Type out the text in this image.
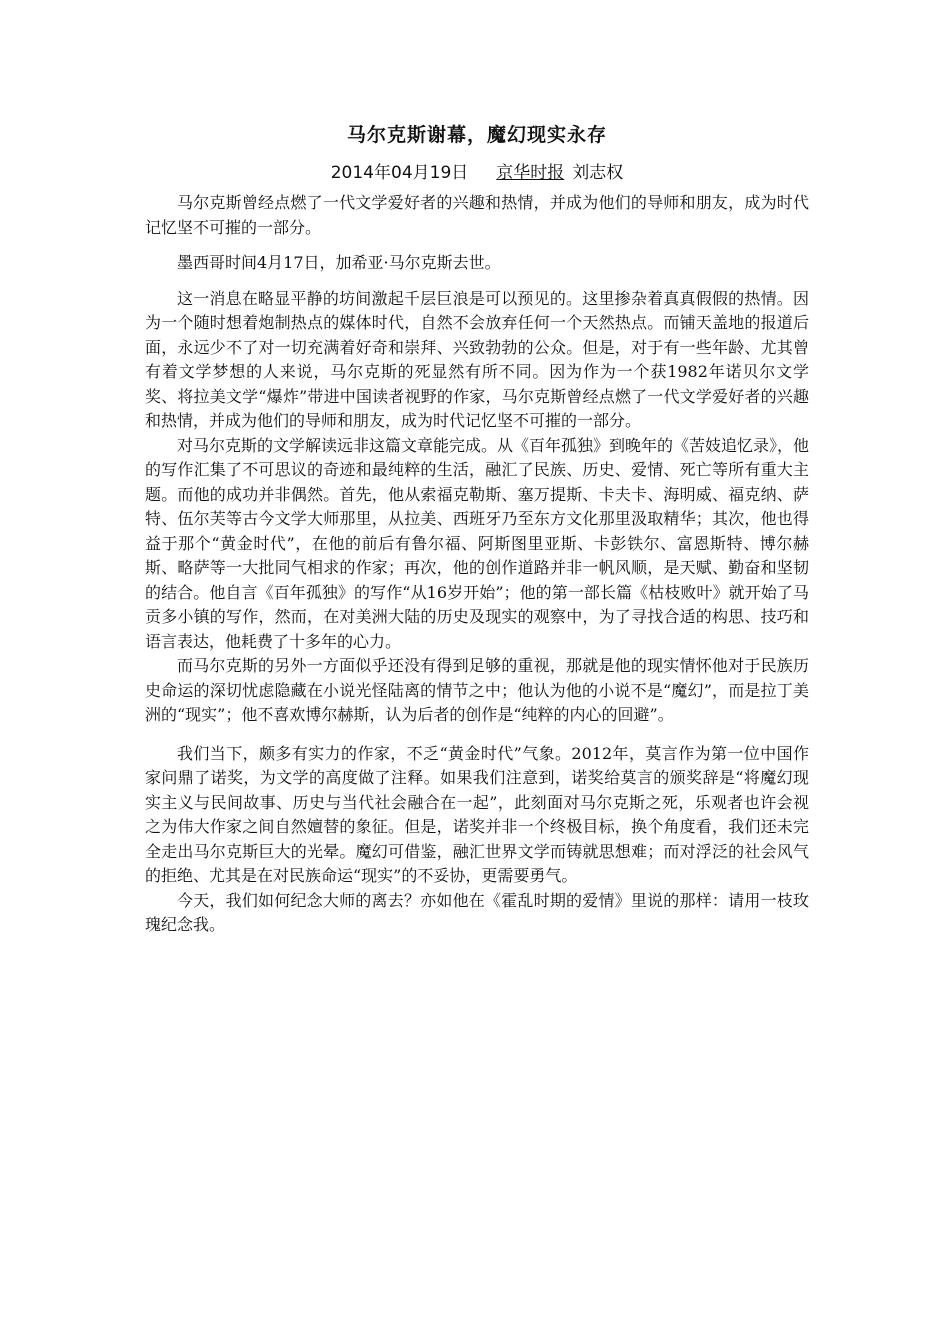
马尔克斯谢幕，魔幻现实永存
2014年04月19日 京华时报 刘志权

马尔克斯曾经点燃了一代文学爱好者的兴趣和热情，并成为他们的导师和朋友，成为时代记忆坚不可摧的一部分。

墨西哥时间4月17日，加希亚·马尔克斯去世。

这一消息在略显平静的坊间激起千层巨浪是可以预见的。这里掺杂着真真假假的热情。因为一个随时想着炮制热点的媒体时代，自然不会放弃任何一个天然热点。而铺天盖地的报道后面，永远少不了对一切充满着好奇和崇拜、兴致勃勃的公众。但是，对于有一些年龄、尤其曾有着文学梦想的人来说，马尔克斯的死显然有所不同。因为作为一个获1982年诺贝尔文学奖、将拉美文学“爆炸”带进中国读者视野的作家，马尔克斯曾经点燃了一代文学爱好者的兴趣和热情，并成为他们的导师和朋友，成为时代记忆坚不可摧的一部分。

对马尔克斯的文学解读远非这篇文章能完成。从《百年孤独》到晚年的《苦妓追忆录》，他的写作汇集了不可思议的奇迹和最纯粹的生活，融汇了民族、历史、爱情、死亡等所有重大主题。而他的成功并非偶然。首先，他从索福克勒斯、塞万提斯、卡夫卡、海明威、福克纳、萨特、伍尔芙等古今文学大师那里，从拉美、西班牙乃至东方文化那里汲取精华；其次，他也得益于那个“黄金时代”，在他的前后有鲁尔福、阿斯图里亚斯、卡彭铁尔、富恩斯特、博尔赫斯、略萨等一大批同气相求的作家；再次，他的创作道路并非一帆风顺，是天赋、勤奋和坚韧的结合。他自言《百年孤独》的写作“从16岁开始”；他的第一部长篇《枯枝败叶》就开始了马贡多小镇的写作，然而，在对美洲大陆的历史及现实的观察中，为了寻找合适的构思、技巧和语言表达，他耗费了十多年的心力。

而马尔克斯的另外一方面似乎还没有得到足够的重视，那就是他的现实情怀他对于民族历史命运的深切忧虑隐藏在小说光怪陆离的情节之中；他认为他的小说不是“魔幻”，而是拉丁美洲的“现实”；他不喜欢博尔赫斯，认为后者的创作是“纯粹的内心的回避”。

我们当下，颇多有实力的作家，不乏“黄金时代”气象。2012年，莫言作为第一位中国作家问鼎了诺奖，为文学的高度做了注释。如果我们注意到，诺奖给莫言的颁奖辞是“将魔幻现实主义与民间故事、历史与当代社会融合在一起”，此刻面对马尔克斯之死，乐观者也许会视之为伟大作家之间自然嬗替的象征。但是，诺奖并非一个终极目标，换个角度看，我们还未完全走出马尔克斯巨大的光晕。魔幻可借鉴，融汇世界文学而铸就思想难；而对浮泛的社会风气的拒绝、尤其是在对民族命运“现实”的不妥协，更需要勇气。

今天，我们如何纪念大师的离去？亦如他在《霍乱时期的爱情》里说的那样：请用一枝玫瑰纪念我。
